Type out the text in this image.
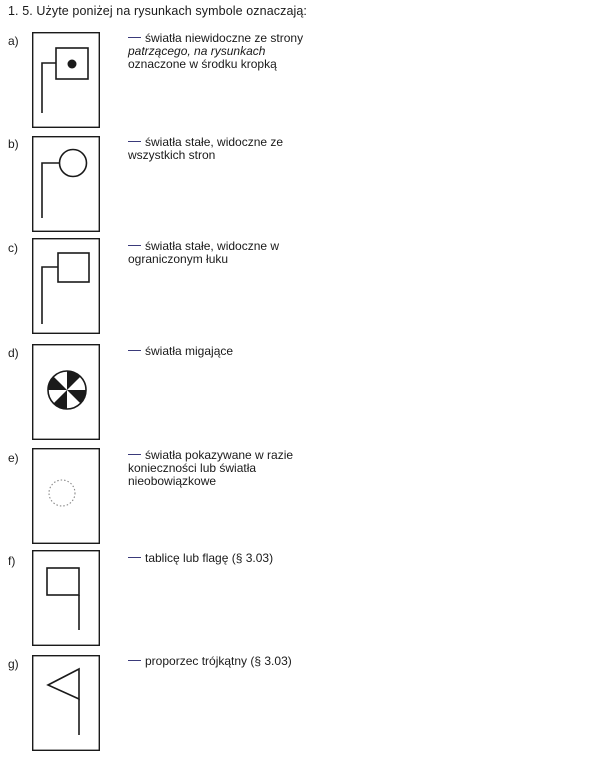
1. 5. Użyte poniżej na rysunkach symbole oznaczają:
a)	światła niewidoczne ze strony
patrzącego, na rysunkach
oznaczone w środku kropką
b)	światła stałe, widoczne ze
wszystkich stron
c)	światła stałe, widoczne w
ograniczonym łuku
d)	światła migające
e)	światła pokazywane w razie
konieczności lub światła
nieobowiązkowe
f)	tablicę lub flagę (§ 3.03)
g)	proporzec trójkątny (§ 3.03)
